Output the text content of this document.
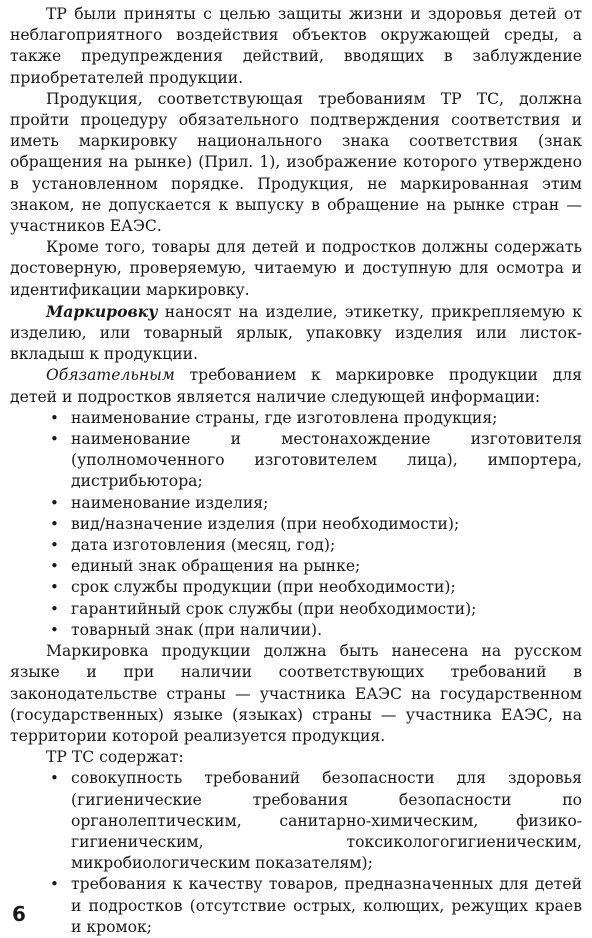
ТР были приняты с целью защиты жизни и здоровья детей от неблагоприятного воздействия объектов окружающей среды, а также предупреждения действий, вводящих в заблуждение приобретателей продукции.

Продукция, соответствующая требованиям ТР ТС, должна пройти процедуру обязательного подтверждения соответствия и иметь маркировку национального знака соответствия (знак обращения на рынке) (Прил. 1), изображение которого утверждено в установленном порядке. Продукция, не маркированная этим знаком, не допускается к выпуску в обращение на рынке стран — участников ЕАЭС.

Кроме того, товары для детей и подростков должны содержать достоверную, проверяемую, читаемую и доступную для осмотра и идентификации маркировку.

Маркировку наносят на изделие, этикетку, прикрепляемую к изделию, или товарный ярлык, упаковку изделия или листок-вкладыш к продукции.

Обязательным требованием к маркировке продукции для детей и подростков является наличие следующей информации:

• наименование страны, где изготовлена продукция;
• наименование и местонахождение изготовителя (уполномоченного изготовителем лица), импортера, дистрибьютора;
• наименование изделия;
• вид/назначение изделия (при необходимости);
• дата изготовления (месяц, год);
• единый знак обращения на рынке;
• срок службы продукции (при необходимости);
• гарантийный срок службы (при необходимости);
• товарный знак (при наличии).

Маркировка продукции должна быть нанесена на русском языке и при наличии соответствующих требований в законодательстве страны — участника ЕАЭС на государственном (государственных) языке (языках) страны — участника ЕАЭС, на территории которой реализуется продукция.

ТР ТС содержат:

• совокупность требований безопасности для здоровья (гигиенические требования безопасности по органолептическим, санитарно-химическим, физико-гигиеническим, токсикологогигиеническим, микробиологическим показателям);
• требования к качеству товаров, предназначенных для детей и подростков (отсутствие острых, колющих, режущих краев и кромок;
6
